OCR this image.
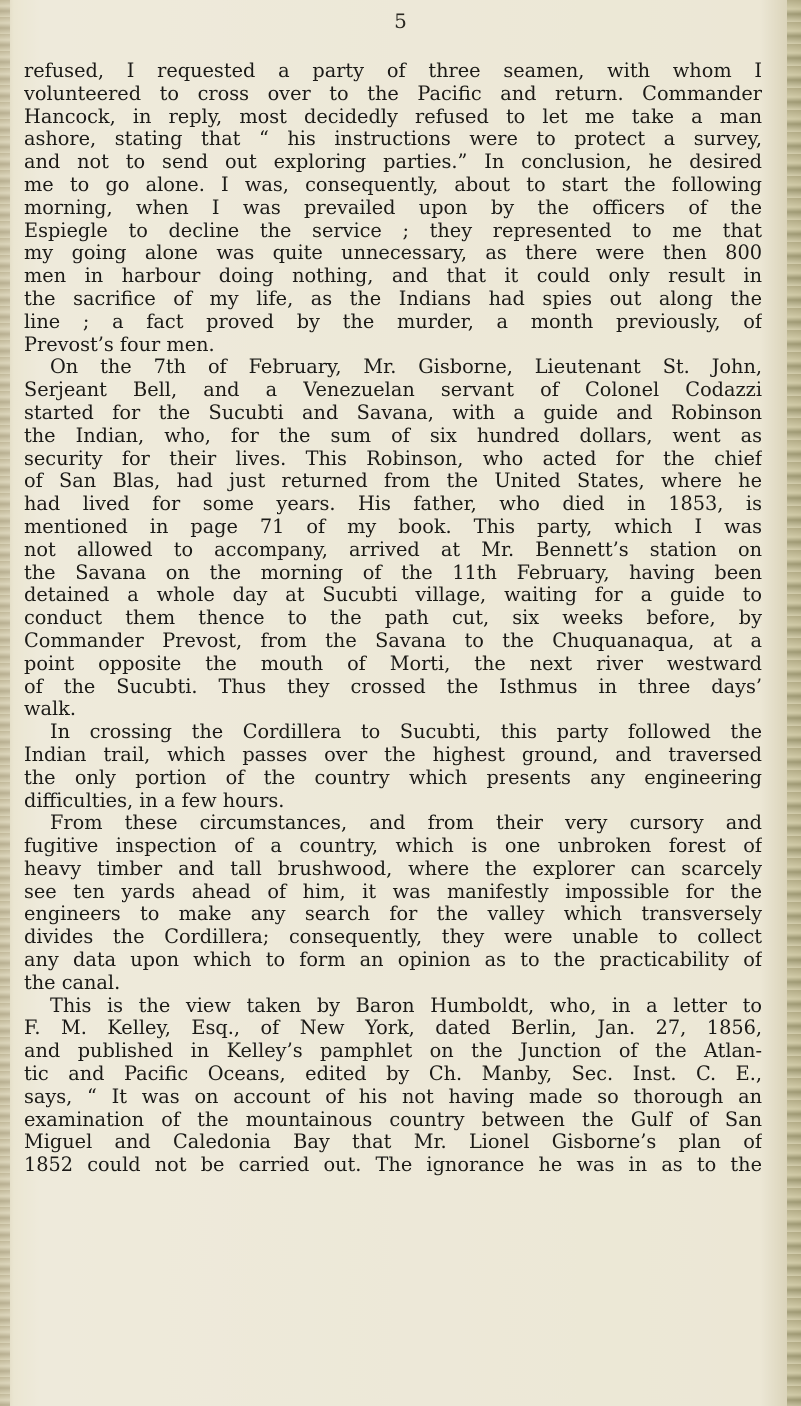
5
refused, I requested a party of three seamen, with whom I
volunteered to cross over to the Pacific and return. Commander
Hancock, in reply, most decidedly refused to let me take a man
ashore, stating that “ his instructions were to protect a survey,
and not to send out exploring parties.” In conclusion, he desired
me to go alone. I was, consequently, about to start the following
morning, when I was prevailed upon by the officers of the
Espiegle to decline the service ; they represented to me that
my going alone was quite unnecessary, as there were then 800
men in harbour doing nothing, and that it could only result in
the sacrifice of my life, as the Indians had spies out along the
line ; a fact proved by the murder, a month previously, of
Prevost’s four men.
On the 7th of February, Mr. Gisborne, Lieutenant St. John,
Serjeant Bell, and a Venezuelan servant of Colonel Codazzi
started for the Sucubti and Savana, with a guide and Robinson
the Indian, who, for the sum of six hundred dollars, went as
security for their lives. This Robinson, who acted for the chief
of San Blas, had just returned from the United States, where he
had lived for some years. His father, who died in 1853, is
mentioned in page 71 of my book. This party, which I was
not allowed to accompany, arrived at Mr. Bennett’s station on
the Savana on the morning of the 11th February, having been
detained a whole day at Sucubti village, waiting for a guide to
conduct them thence to the path cut, six weeks before, by
Commander Prevost, from the Savana to the Chuquanaqua, at a
point opposite the mouth of Morti, the next river westward
of the Sucubti. Thus they crossed the Isthmus in three days’
walk.
In crossing the Cordillera to Sucubti, this party followed the
Indian trail, which passes over the highest ground, and traversed
the only portion of the country which presents any engineering
difficulties, in a few hours.
From these circumstances, and from their very cursory and
fugitive inspection of a country, which is one unbroken forest of
heavy timber and tall brushwood, where the explorer can scarcely
see ten yards ahead of him, it was manifestly impossible for the
engineers to make any search for the valley which transversely
divides the Cordillera; consequently, they were unable to collect
any data upon which to form an opinion as to the practicability of
the canal.
This is the view taken by Baron Humboldt, who, in a letter to
F. M. Kelley, Esq., of New York, dated Berlin, Jan. 27, 1856,
and published in Kelley’s pamphlet on the Junction of the Atlan-
tic and Pacific Oceans, edited by Ch. Manby, Sec. Inst. C. E.,
says, “ It was on account of his not having made so thorough an
examination of the mountainous country between the Gulf of San
Miguel and Caledonia Bay that Mr. Lionel Gisborne’s plan of
1852 could not be carried out. The ignorance he was in as to the
